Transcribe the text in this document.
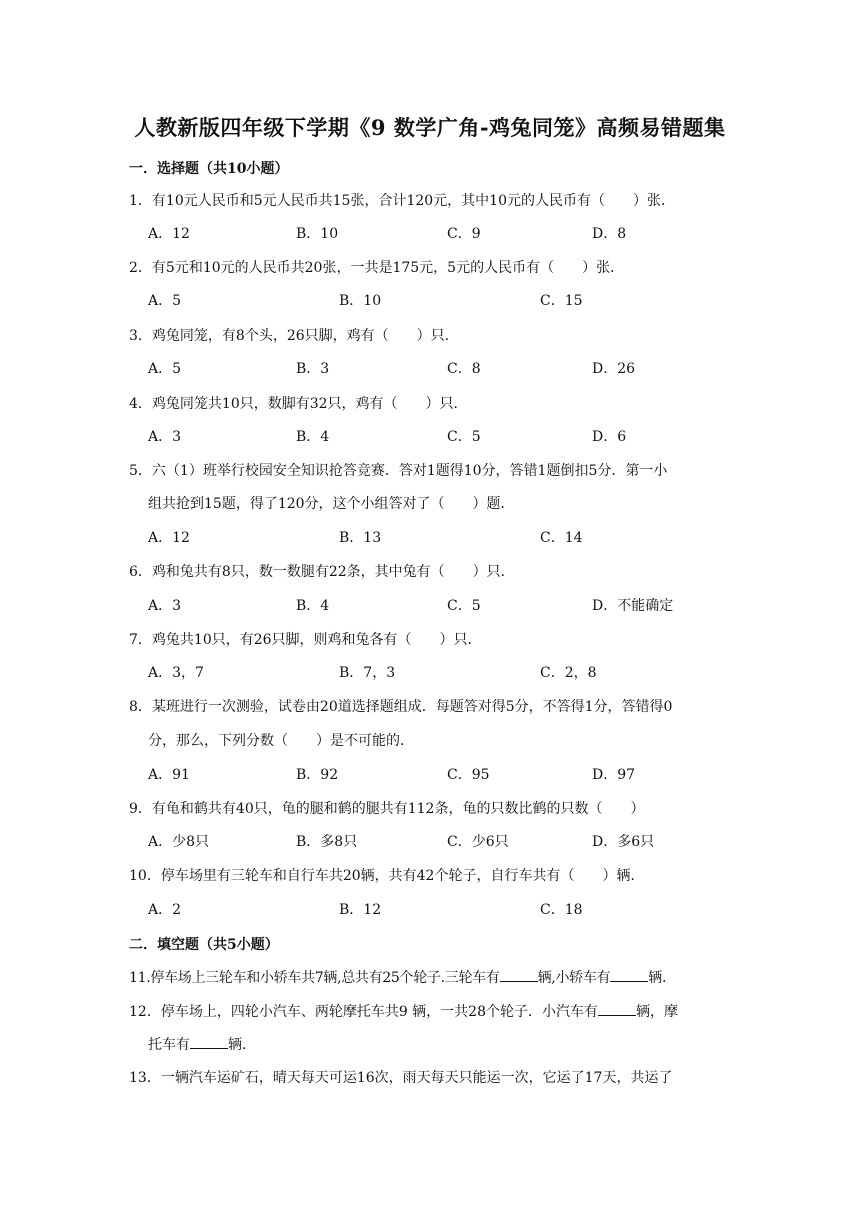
人教新版四年级下学期《9 数学广角-鸡兔同笼》高频易错题集
一．选择题（共10小题）
1．有10元人民币和5元人民币共15张，合计120元，其中10元的人民币有（　　）张．
A．12	B．10	C．9	D．8
2．有5元和10元的人民币共20张，一共是175元，5元的人民币有（　　）张．
A．5	B．10	C．15
3．鸡兔同笼，有8个头，26只脚，鸡有（　　）只．
A．5	B．3	C．8	D．26
4．鸡兔同笼共10只，数脚有32只，鸡有（　　）只．
A．3	B．4	C．5	D．6
5．六（1）班举行校园安全知识抢答竞赛．答对1题得10分，答错1题倒扣5分．第一小
组共抢到15题，得了120分，这个小组答对了（　　）题．
A．12	B．13	C．14
6．鸡和兔共有8只，数一数腿有22条，其中兔有（　　）只．
A．3	B．4	C．5	D．不能确定
7．鸡兔共10只，有26只脚，则鸡和兔各有（　　）只．
A．3，7	B．7，3	C．2，8
8．某班进行一次测验，试卷由20道选择题组成．每题答对得5分，不答得1分，答错得0
分，那么，下列分数（　　）是不可能的．
A．91	B．92	C．95	D．97
9．有龟和鹤共有40只，龟的腿和鹤的腿共有112条，龟的只数比鹤的只数（　　）
A．少8只	B．多8只	C．少6只	D．多6只
10．停车场里有三轮车和自行车共20辆，共有42个轮子，自行车共有（　　）辆．
A．2	B．12	C．18
二．填空题（共5小题）
11.停车场上三轮车和小轿车共7辆,总共有25个轮子.三轮车有	辆,小轿车有	辆.
12．停车场上，四轮小汽车、两轮摩托车共9 辆，一共28个轮子．小汽车有	辆，摩
托车有	辆．
13．一辆汽车运矿石，晴天每天可运16次，雨天每天只能运一次，它运了17天，共运了
